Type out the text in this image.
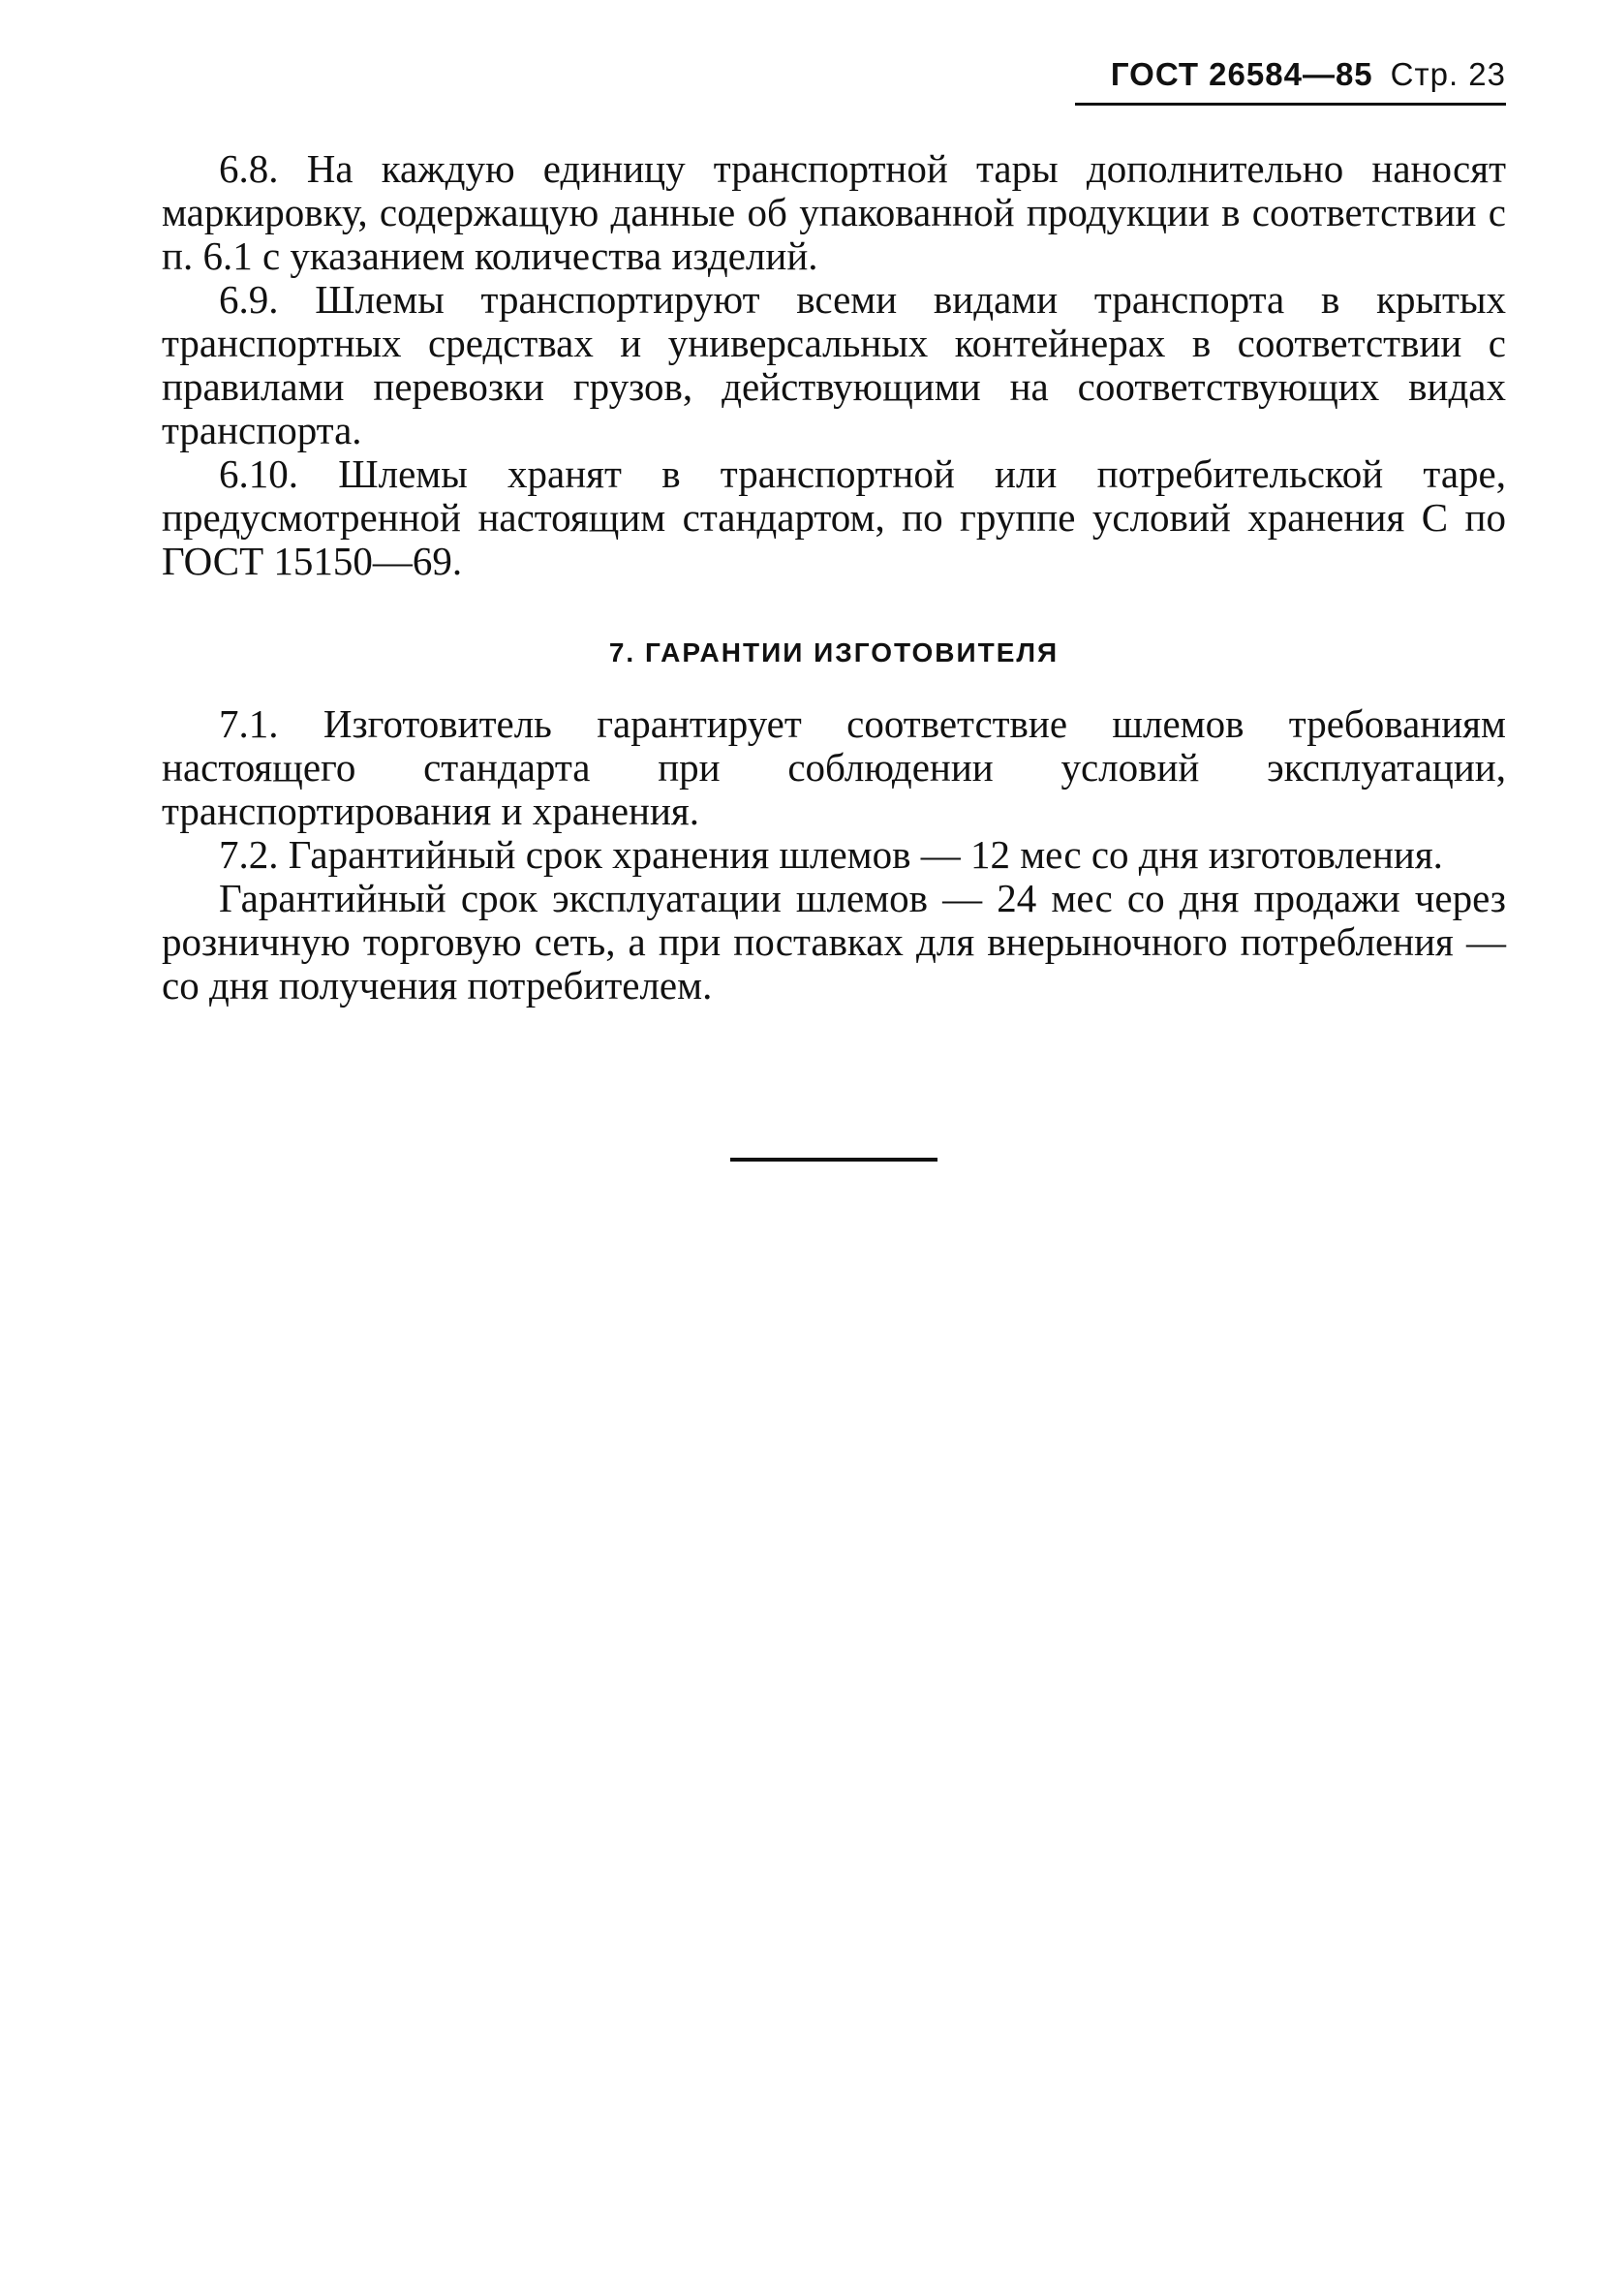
ГОСТ 26584—85 Стр. 23

6.8. На каждую единицу транспортной тары дополнительно наносят маркировку, содержащую данные об упакованной продукции в соответствии с п. 6.1 с указанием количества изделий.

6.9. Шлемы транспортируют всеми видами транспорта в крытых транспортных средствах и универсальных контейнерах в соответствии с правилами перевозки грузов, действующими на соответствующих видах транспорта.

6.10. Шлемы хранят в транспортной или потребительской таре, предусмотренной настоящим стандартом, по группе условий хранения С по ГОСТ 15150—69.

7. ГАРАНТИИ ИЗГОТОВИТЕЛЯ

7.1. Изготовитель гарантирует соответствие шлемов требованиям настоящего стандарта при соблюдении условий эксплуатации, транспортирования и хранения.

7.2. Гарантийный срок хранения шлемов — 12 мес со дня изготовления.

Гарантийный срок эксплуатации шлемов — 24 мес со дня продажи через розничную торговую сеть, а при поставках для внерыночного потребления — со дня получения потребителем.
